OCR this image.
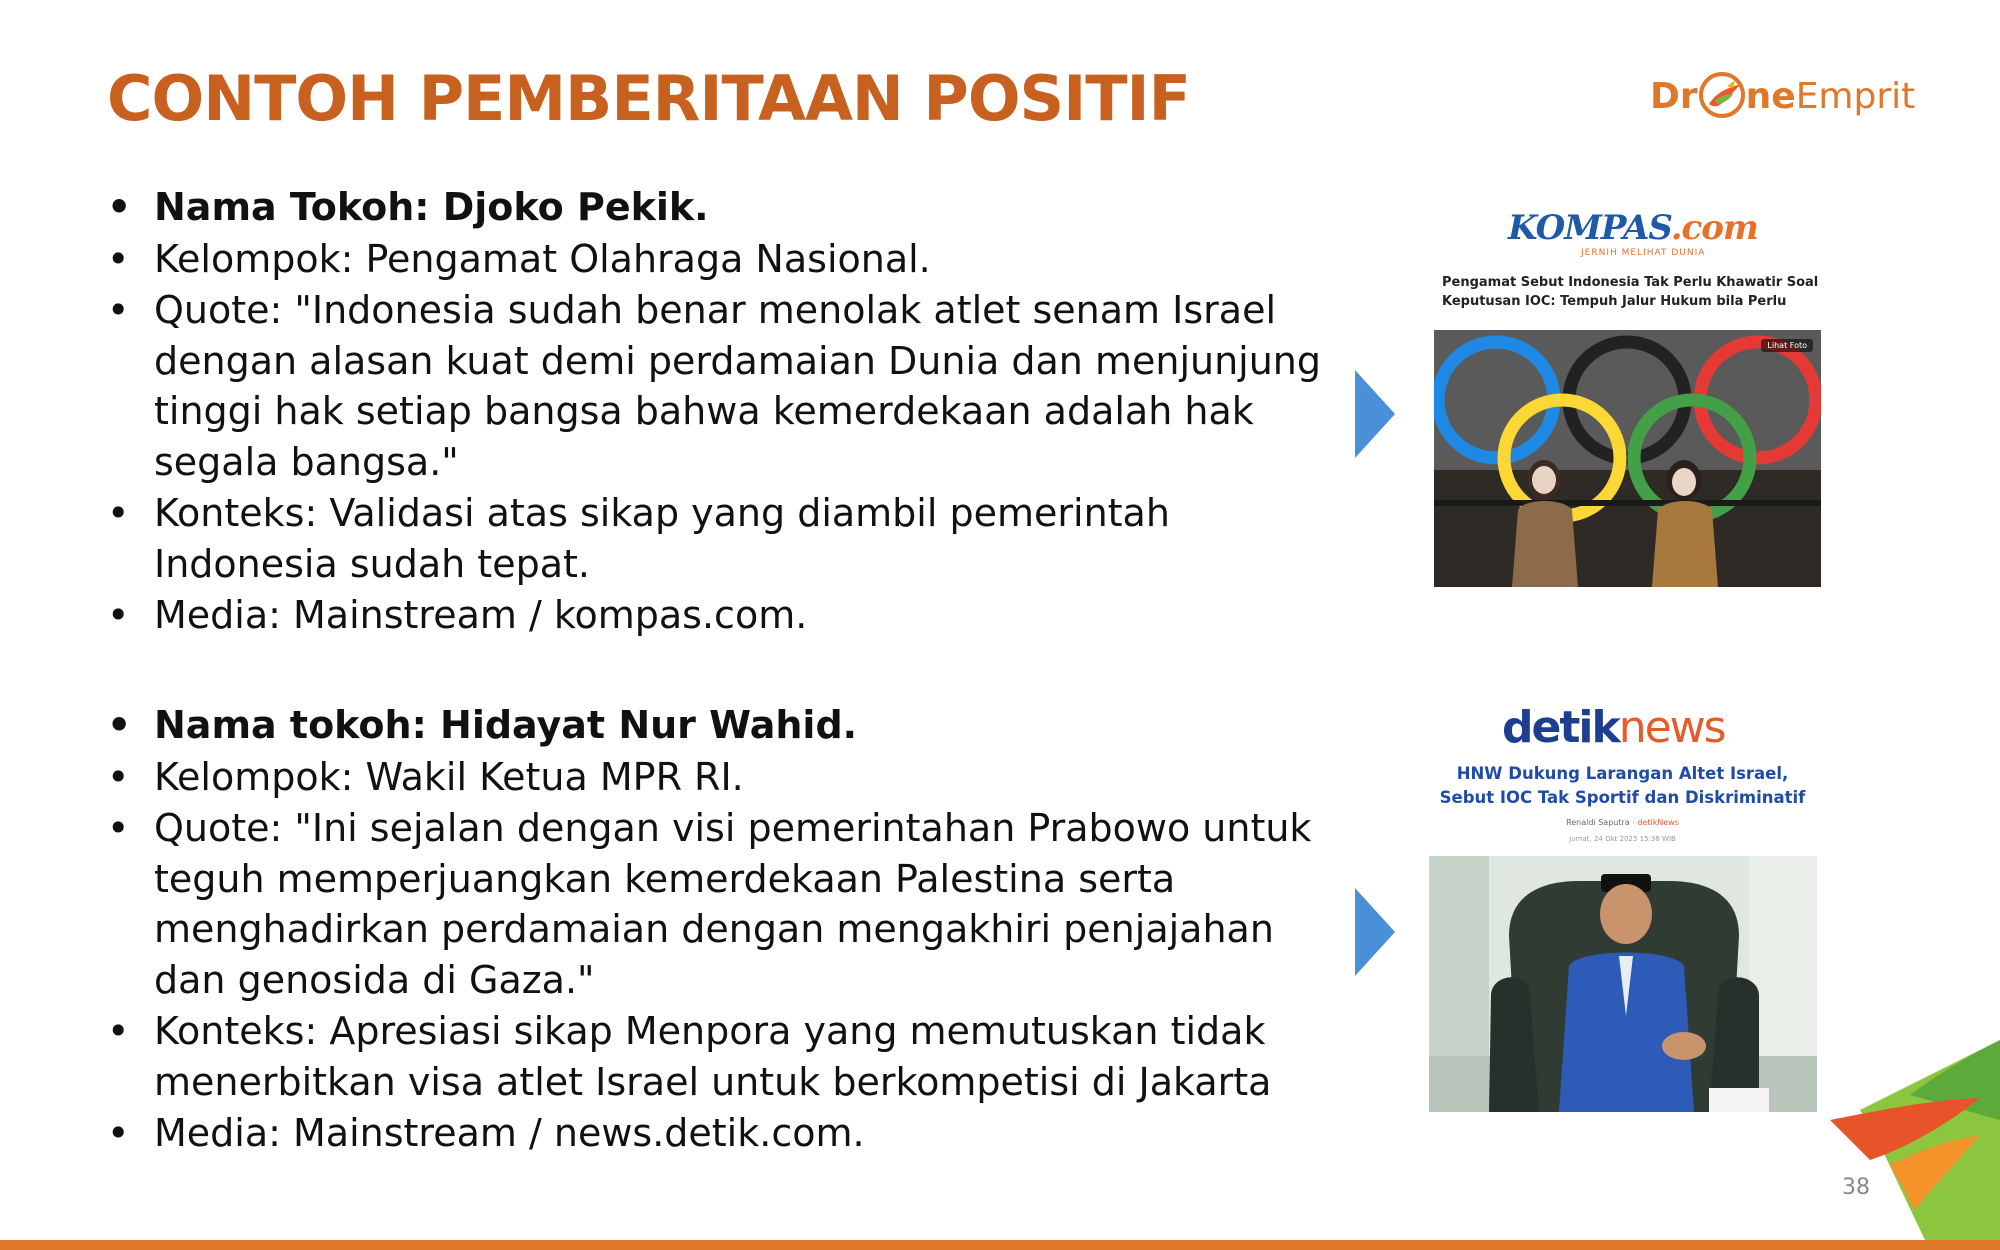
CONTOH PEMBERITAAN POSITIF	Dr neEmprit
• Nama Tokoh: Djoko Pekik.
• Kelompok: Pengamat Olahraga Nasional.
• Quote: "Indonesia sudah benar menolak atlet senam Israel dengan alasan kuat demi perdamaian Dunia dan menjunjung tinggi hak setiap bangsa bahwa kemerdekaan adalah hak segala bangsa."
• Konteks: Validasi atas sikap yang diambil pemerintah Indonesia sudah tepat.
• Media: Mainstream / kompas.com.
• Nama tokoh: Hidayat Nur Wahid.
• Kelompok: Wakil Ketua MPR RI.
• Quote: "Ini sejalan dengan visi pemerintahan Prabowo untuk teguh memperjuangkan kemerdekaan Palestina serta menghadirkan perdamaian dengan mengakhiri penjajahan dan genosida di Gaza."
• Konteks: Apresiasi sikap Menpora yang memutuskan tidak menerbitkan visa atlet Israel untuk berkompetisi di Jakarta
• Media: Mainstream / news.detik.com.
KOMPAS.com
JERNIH MELIHAT DUNIA
Pengamat Sebut Indonesia Tak Perlu Khawatir Soal Keputusan IOC: Tempuh Jalur Hukum bila Perlu
Lihat Foto
detiknews
HNW Dukung Larangan Altet Israel, Sebut IOC Tak Sportif dan Diskriminatif
Renaldi Saputra · detikNews
Jumat, 24 Okt 2025 15:38 WIB
38
